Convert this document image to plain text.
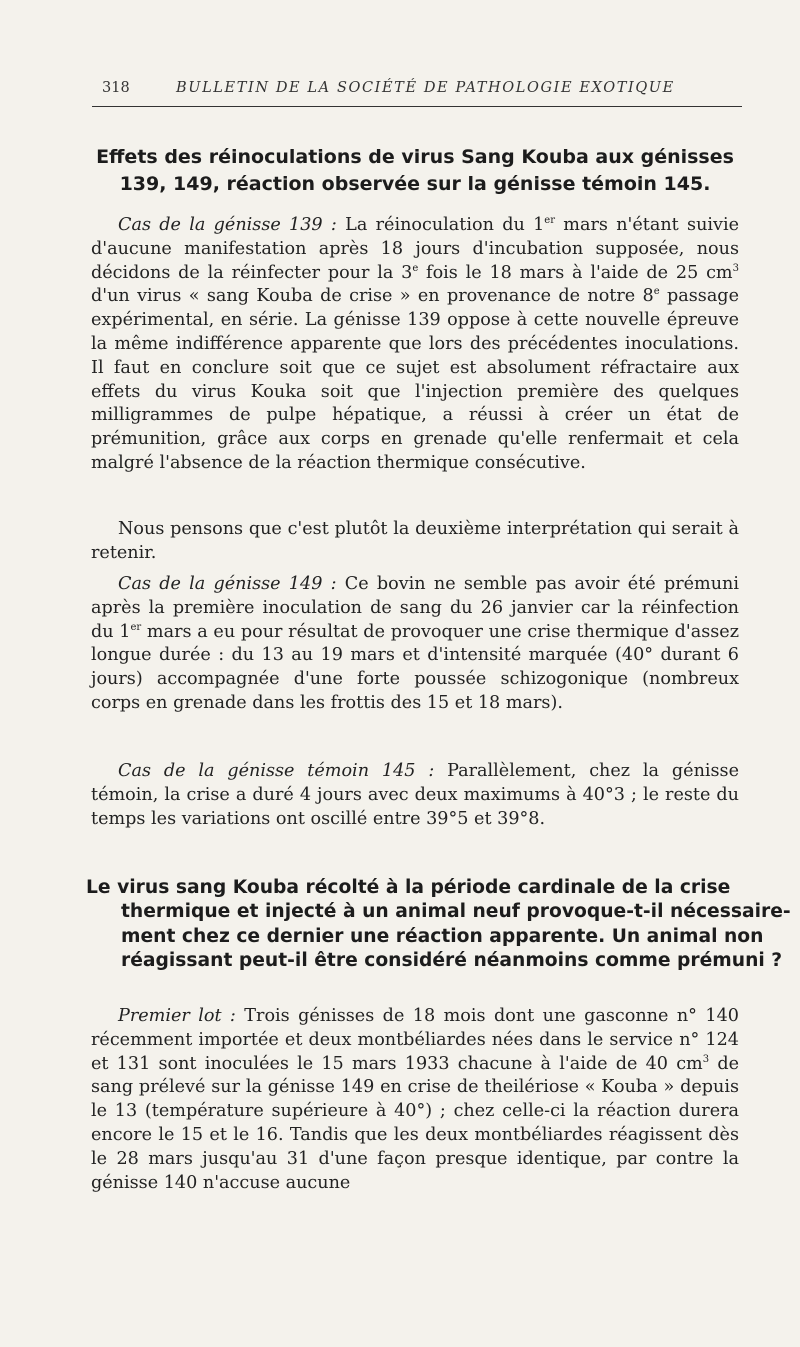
318	BULLETIN DE LA SOCIÉTÉ DE PATHOLOGIE EXOTIQUE
Effets des réinoculations de virus Sang Kouba aux génisses 139, 149, réaction observée sur la génisse témoin 145.

Cas de la génisse 139 : La réinoculation du 1er mars n'étant suivie d'aucune manifestation après 18 jours d'incubation supposée, nous décidons de la réinfecter pour la 3e fois le 18 mars à l'aide de 25 $cm^3$ d'un virus « sang Kouba de crise » en provenance de notre 8e passage expérimental, en série. La génisse 139 oppose à cette nouvelle épreuve la même indifférence apparente que lors des précédentes inoculations. Il faut en conclure soit que ce sujet est absolument réfractaire aux effets du virus Kouka soit que l'injection première des quelques milligrammes de pulpe hépatique, a réussi à créer un état de prémunition, grâce aux corps en grenade qu'elle renfermait et cela malgré l'absence de la réaction thermique consécutive.

Nous pensons que c'est plutôt la deuxième interprétation qui serait à retenir.

Cas de la génisse 149 : Ce bovin ne semble pas avoir été prémuni après la première inoculation de sang du 26 janvier car la réinfection du 1er mars a eu pour résultat de provoquer une crise thermique d'assez longue durée : du 13 au 19 mars et d'intensité marquée (40° durant 6 jours) accompagnée d'une forte poussée schizogonique (nombreux corps en grenade dans les frottis des 15 et 18 mars).

Cas de la génisse témoin 145 : Parallèlement, chez la génisse témoin, la crise a duré 4 jours avec deux maximums à 40°3 ; le reste du temps les variations ont oscillé entre 39°5 et 39°8.

Le virus sang Kouba récolté à la période cardinale de la crise
thermique et injecté à un animal neuf provoque-t-il nécessaire-
ment chez ce dernier une réaction apparente. Un animal non
réagissant peut-il être considéré néanmoins comme prémuni ?

Premier lot : Trois génisses de 18 mois dont une gasconne n° 140 récemment importée et deux montbéliardes nées dans le service n° 124 et 131 sont inoculées le 15 mars 1933 chacune à l'aide de 40 $cm^3$ de sang prélevé sur la génisse 149 en crise de theilériose « Kouba » depuis le 13 (température supérieure à 40°) ; chez celle-ci la réaction durera encore le 15 et le 16. Tandis que les deux montbéliardes réagissent dès le 28 mars jusqu'au 31 d'une façon presque identique, par contre la génisse 140 n'accuse aucune
